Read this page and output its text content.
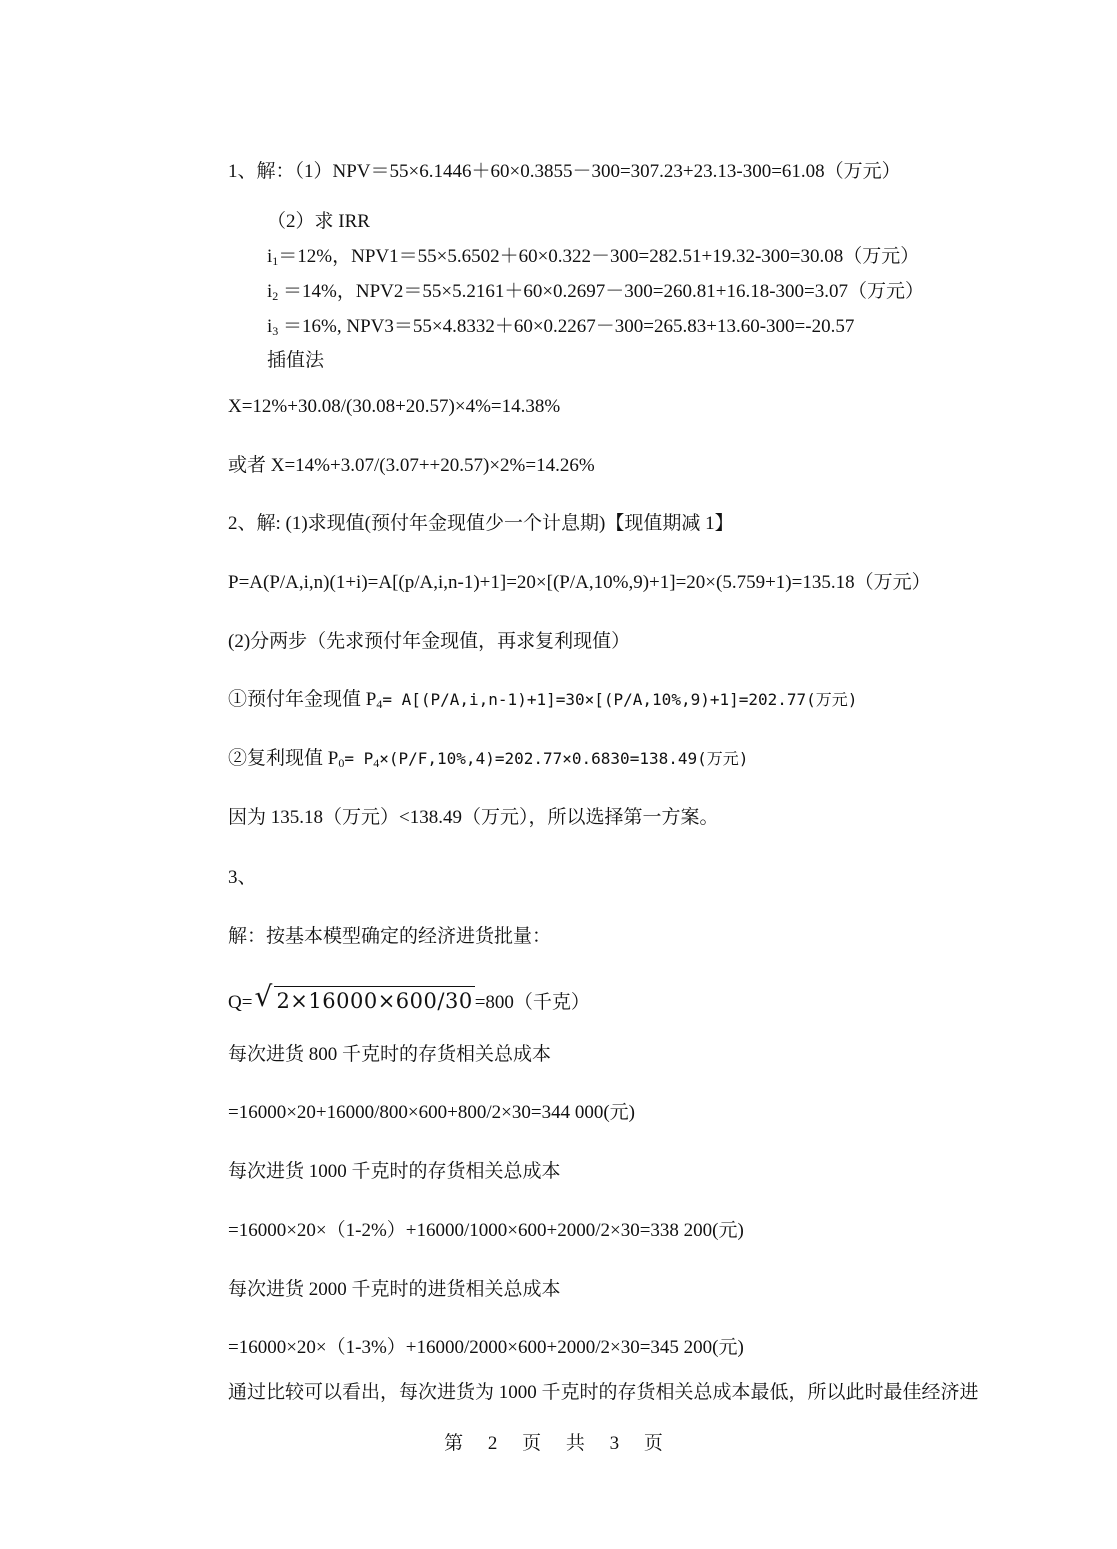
1、解：（1）NPV＝55×6.1446＋60×0.3855－300=307.23+23.13-300=61.08（万元）
（2）求 IRR
$i_1=12\%$，NPV1＝55×5.6502＋60×0.322－300=282.51+19.32-300=30.08（万元）
$i_2 =14\%$，NPV2＝55×5.2161＋60×0.2697－300=260.81+16.18-300=3.07（万元）
$i_3 =16\%$, NPV3＝55×4.8332＋60×0.2267－300=265.83+13.60-300=-20.57
插值法
X=12%+30.08/(30.08+20.57)×4%=14.38%
或者 X=14%+3.07/(3.07++20.57)×2%=14.26%
2、解: (1)求现值(预付年金现值少一个计息期)【现值期减 1】
P=A(P/A,i,n)(1+i)=A[(p/A,i,n-1)+1]=20×[(P/A,10%,9)+1]=20×(5.759+1)=135.18（万元）
(2)分两步（先求预付年金现值，再求复利现值）
①预付年金现值 $P_4= A[(P/A,i,n-1)+1]=30\times[(P/A,10\%,9)+1]=202.77$(万元)
②复利现值 $P_0= P_4\times(P/F,10\%,4)=202.77\times 0.6830=138.49$(万元)
因为 135.18（万元）<138.49（万元），所以选择第一方案。
3、
解：按基本模型确定的经济进货批量：
Q= √ 2×16000×600/30 =800（千克）
每次进货 800 千克时的存货相关总成本
=16000×20+16000/800×600+800/2×30=344 000(元)
每次进货 1000 千克时的存货相关总成本
=16000×20×（1-2%）+16000/1000×600+2000/2×30=338 200(元)
每次进货 2000 千克时的进货相关总成本
=16000×20×（1-3%）+16000/2000×600+2000/2×30=345 200(元)
通过比较可以看出，每次进货为 1000 千克时的存货相关总成本最低，所以此时最佳经济进
第 2 页 共 3 页
